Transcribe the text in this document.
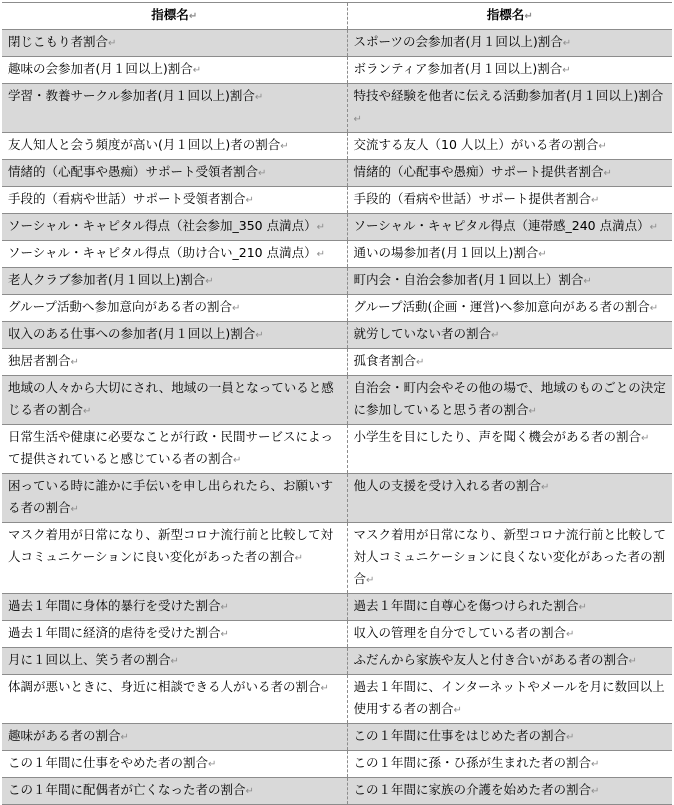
指標名↵	指標名↵
閉じこもり者割合↵	スポーツの会参加者(月１回以上)割合↵
趣味の会参加者(月１回以上)割合↵	ボランティア参加者(月１回以上)割合↵
学習・教養サークル参加者(月１回以上)割合↵	特技や経験を他者に伝える活動参加者(月１回以上)割合↵
友人知人と会う頻度が高い(月１回以上)者の割合↵	交流する友人（10 人以上）がいる者の割合↵
情緒的（心配事や愚痴）サポート受領者割合↵	情緒的（心配事や愚痴）サポート提供者割合↵
手段的（看病や世話）サポート受領者割合↵	手段的（看病や世話）サポート提供者割合↵
ソーシャル・キャピタル得点（社会参加_350 点満点）↵	ソーシャル・キャピタル得点（連帯感_240 点満点）↵
ソーシャル・キャピタル得点（助け合い_210 点満点）↵	通いの場参加者(月１回以上)割合↵
老人クラブ参加者(月１回以上)割合↵	町内会・自治会参加者(月１回以上）割合↵
グループ活動へ参加意向がある者の割合↵	グループ活動(企画・運営)へ参加意向がある者の割合↵
収入のある仕事への参加者(月１回以上)割合↵	就労していない者の割合↵
独居者割合↵	孤食者割合↵
地域の人々から大切にされ、地域の一員となっていると感じる者の割合↵	自治会・町内会やその他の場で、地域のものごとの決定に参加していると思う者の割合↵
日常生活や健康に必要なことが行政・民間サービスによって提供されていると感じている者の割合↵	小学生を目にしたり、声を聞く機会がある者の割合↵
困っている時に誰かに手伝いを申し出られたら、お願いする者の割合↵	他人の支援を受け入れる者の割合↵
マスク着用が日常になり、新型コロナ流行前と比較して対人コミュニケーションに良い変化があった者の割合↵	マスク着用が日常になり、新型コロナ流行前と比較して対人コミュニケーションに良くない変化があった者の割合↵
過去１年間に身体的暴行を受けた割合↵	過去１年間に自尊心を傷つけられた割合↵
過去１年間に経済的虐待を受けた割合↵	収入の管理を自分でしている者の割合↵
月に１回以上、笑う者の割合↵	ふだんから家族や友人と付き合いがある者の割合↵
体調が悪いときに、身近に相談できる人がいる者の割合↵	過去１年間に、インターネットやメールを月に数回以上使用する者の割合↵
趣味がある者の割合↵	この１年間に仕事をはじめた者の割合↵
この１年間に仕事をやめた者の割合↵	この１年間に孫・ひ孫が生まれた者の割合↵
この１年間に配偶者が亡くなった者の割合↵	この１年間に家族の介護を始めた者の割合↵
